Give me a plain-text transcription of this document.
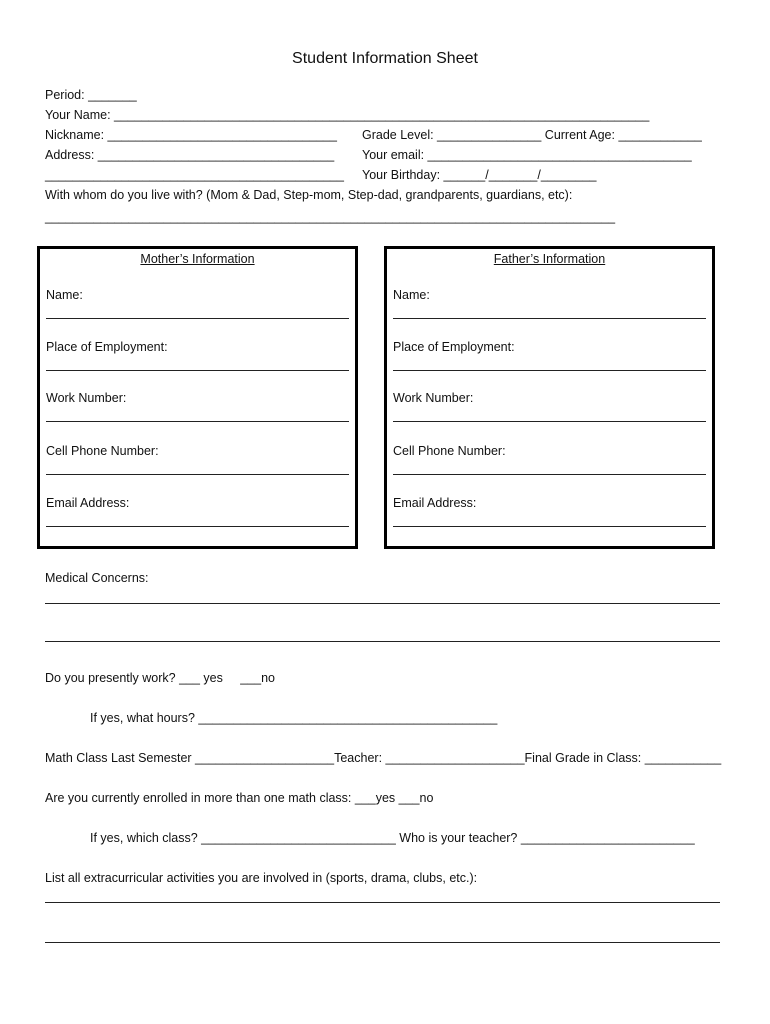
Student Information Sheet
Period: _______
Your Name: _____________________________________________________________________________
Nickname: _________________________________ Grade Level: _______________ Current Age: ____________
Address: __________________________________ Your email: ______________________________________
___________________________________________ Your Birthday: ______/_______/________
With whom do you live with? (Mom & Dad, Step-mom, Step-dad, grandparents, guardians, etc):
__________________________________________________________________________________
Mother’s Information
Name:
Place of Employment:
Work Number:
Cell Phone Number:
Email Address:
Father’s Information
Name:
Place of Employment:
Work Number:
Cell Phone Number:
Email Address:
Medical Concerns:
Do you presently work? ___ yes     ___no
If yes, what hours? ___________________________________________
Math Class Last Semester ____________________Teacher: ____________________Final Grade in Class: ___________
Are you currently enrolled in more than one math class: ___yes ___no
If yes, which class? ____________________________ Who is your teacher? _________________________
List all extracurricular activities you are involved in (sports, drama, clubs, etc.):
